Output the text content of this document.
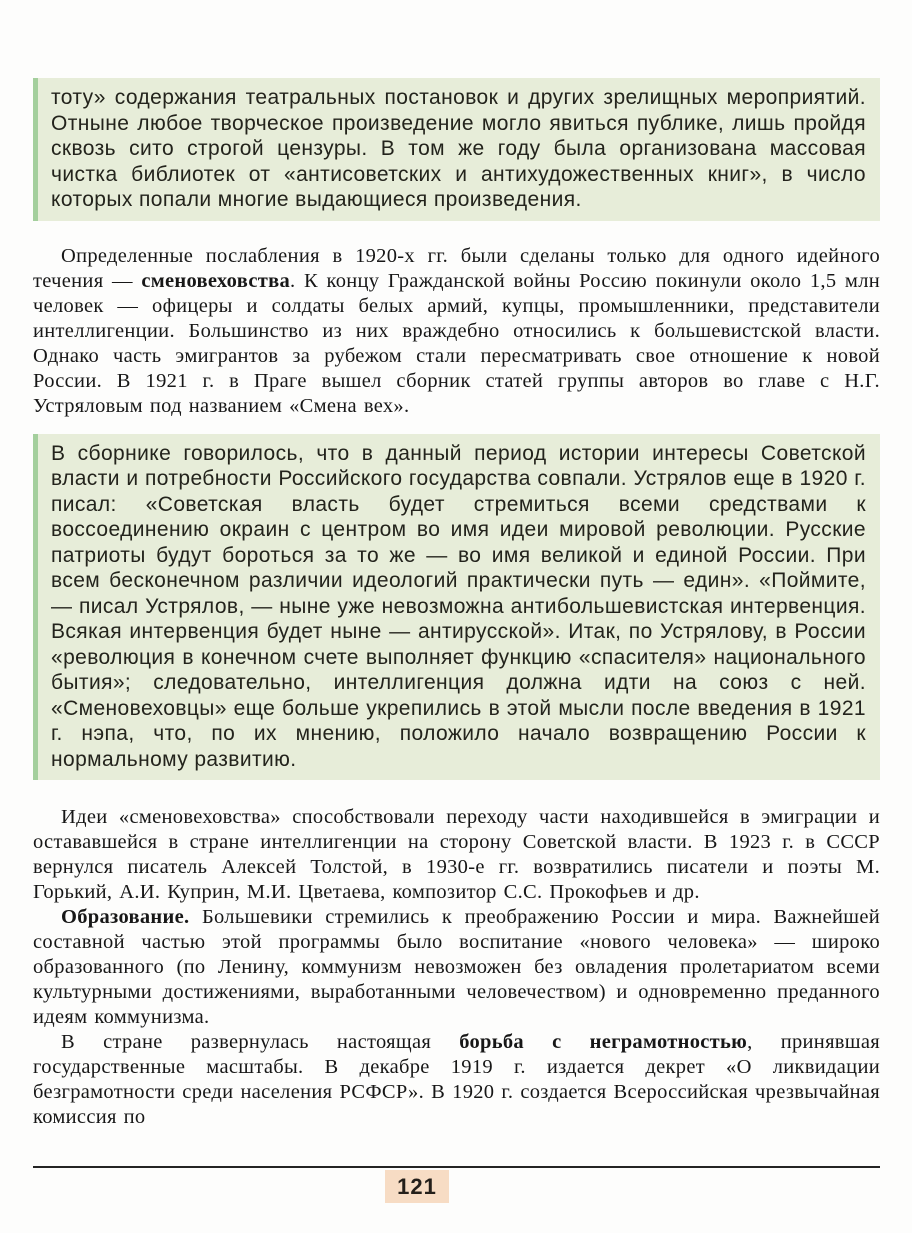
тоту» содержания театральных постановок и других зрелищных мероприятий. Отныне любое творческое произведение могло явиться публике, лишь пройдя сквозь сито строгой цензуры. В том же году была организована массовая чистка библиотек от «антисоветских и антихудожественных книг», в число которых попали многие выдающиеся произведения.

Определенные послабления в 1920-х гг. были сделаны только для одного идейного течения — сменовеховства. К концу Гражданской войны Россию покинули около 1,5 млн человек — офицеры и солдаты белых армий, купцы, промышленники, представители интеллигенции. Большинство из них враждебно относились к большевистской власти. Однако часть эмигрантов за рубежом стали пересматривать свое отношение к новой России. В 1921 г. в Праге вышел сборник статей группы авторов во главе с Н.Г. Устряловым под названием «Смена вех».

В сборнике говорилось, что в данный период истории интересы Советской власти и потребности Российского государства совпали. Устрялов еще в 1920 г. писал: «Советская власть будет стремиться всеми средствами к воссоединению окраин с центром во имя идеи мировой революции. Русские патриоты будут бороться за то же — во имя великой и единой России. При всем бесконечном различии идеологий практически путь — един». «Поймите, — писал Устрялов, — ныне уже невозможна антибольшевистская интервенция. Всякая интервенция будет ныне — антирусской». Итак, по Устрялову, в России «революция в конечном счете выполняет функцию «спасителя» национального бытия»; следовательно, интеллигенция должна идти на союз с ней. «Сменовеховцы» еще больше укрепились в этой мысли после введения в 1921 г. нэпа, что, по их мнению, положило начало возвращению России к нормальному развитию.

Идеи «сменовеховства» способствовали переходу части находившейся в эмиграции и остававшейся в стране интеллигенции на сторону Советской власти. В 1923 г. в СССР вернулся писатель Алексей Толстой, в 1930-е гг. возвратились писатели и поэты М. Горький, А.И. Куприн, М.И. Цветаева, композитор С.С. Прокофьев и др.

Образование. Большевики стремились к преображению России и мира. Важнейшей составной частью этой программы было воспитание «нового человека» — широко образованного (по Ленину, коммунизм невозможен без овладения пролетариатом всеми культурными достижениями, выработанными человечеством) и одновременно преданного идеям коммунизма.

В стране развернулась настоящая борьба с неграмотностью, принявшая государственные масштабы. В декабре 1919 г. издается декрет «О ликвидации безграмотности среди населения РСФСР». В 1920 г. создается Всероссийская чрезвычайная комиссия по

121
